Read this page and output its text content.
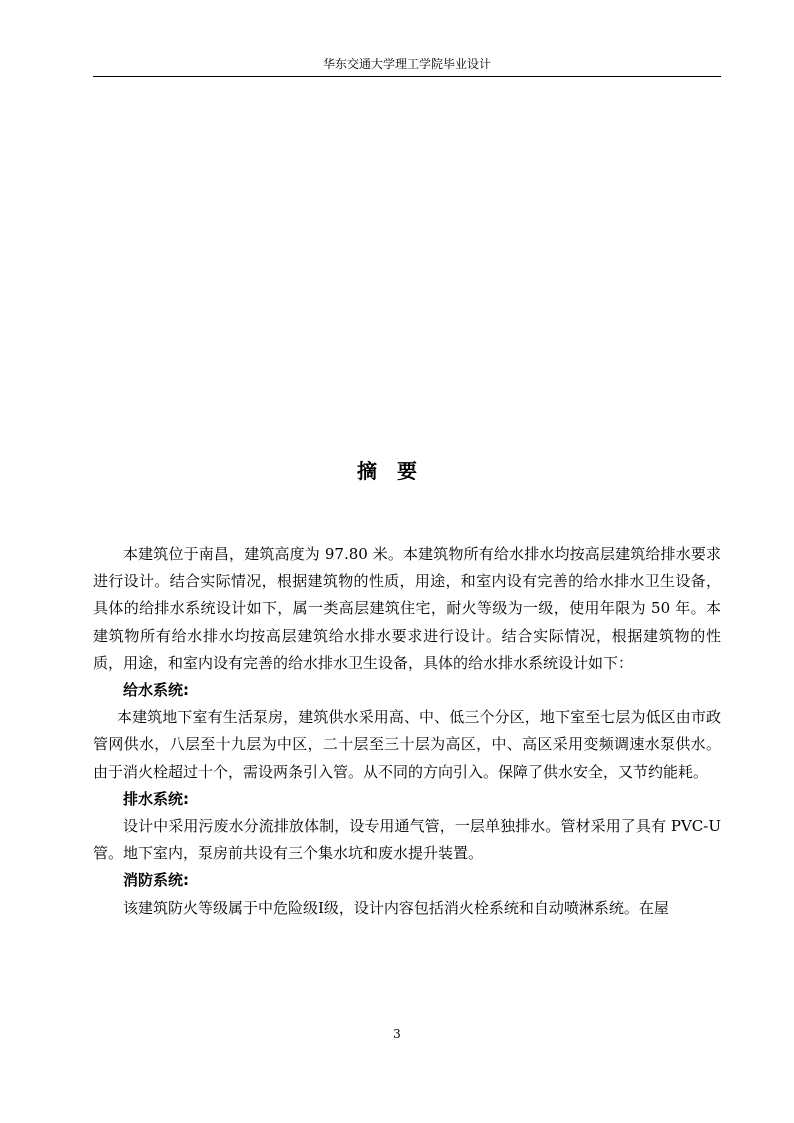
华东交通大学理工学院毕业设计
摘要

本建筑位于南昌，建筑高度为 97.80 米。本建筑物所有给水排水均按高层建筑给排水要求进行设计。结合实际情况，根据建筑物的性质，用途，和室内设有完善的给水排水卫生设备，具体的给排水系统设计如下，属一类高层建筑住宅，耐火等级为一级，使用年限为 50 年。本建筑物所有给水排水均按高层建筑给水排水要求进行设计。结合实际情况，根据建筑物的性质，用途，和室内设有完善的给水排水卫生设备，具体的给水排水系统设计如下：

给水系统:

本建筑地下室有生活泵房，建筑供水采用高、中、低三个分区，地下室至七层为低区由市政管网供水，八层至十九层为中区，二十层至三十层为高区，中、高区采用变频调速水泵供水。由于消火栓超过十个，需设两条引入管。从不同的方向引入。保障了供水安全，又节约能耗。

排水系统:

设计中采用污废水分流排放体制，设专用通气管，一层单独排水。管材采用了具有 PVC-U 管。地下室内，泵房前共设有三个集水坑和废水提升装置。

消防系统:

该建筑防火等级属于中危险级Ⅰ级，设计内容包括消火栓系统和自动喷淋系统。在屋

3
